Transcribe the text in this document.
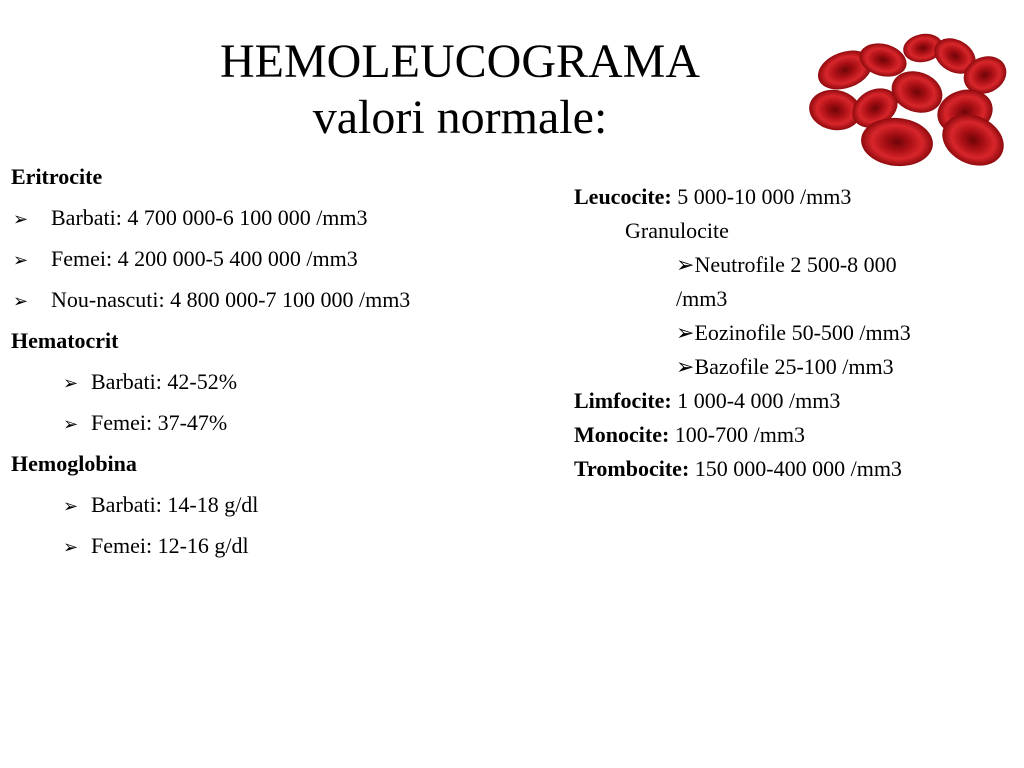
HEMOLEUCOGRAMA
valori normale:
Eritrocite
➢ Barbati: 4 700 000-6 100 000 /mm3
➢ Femei: 4 200 000-5 400 000 /mm3
➢ Nou-nascuti: 4 800 000-7 100 000 /mm3
Hematocrit
➢ Barbati: 42-52%
➢ Femei: 37-47%
Hemoglobina
➢ Barbati: 14-18 g/dl
➢ Femei: 12-16 g/dl
Leucocite: 5 000-10 000 /mm3
Granulocite
➢Neutrofile 2 500-8 000
/mm3
➢Eozinofile 50-500 /mm3
➢Bazofile 25-100 /mm3
Limfocite: 1 000-4 000 /mm3
Monocite: 100-700 /mm3
Trombocite: 150 000-400 000 /mm3
